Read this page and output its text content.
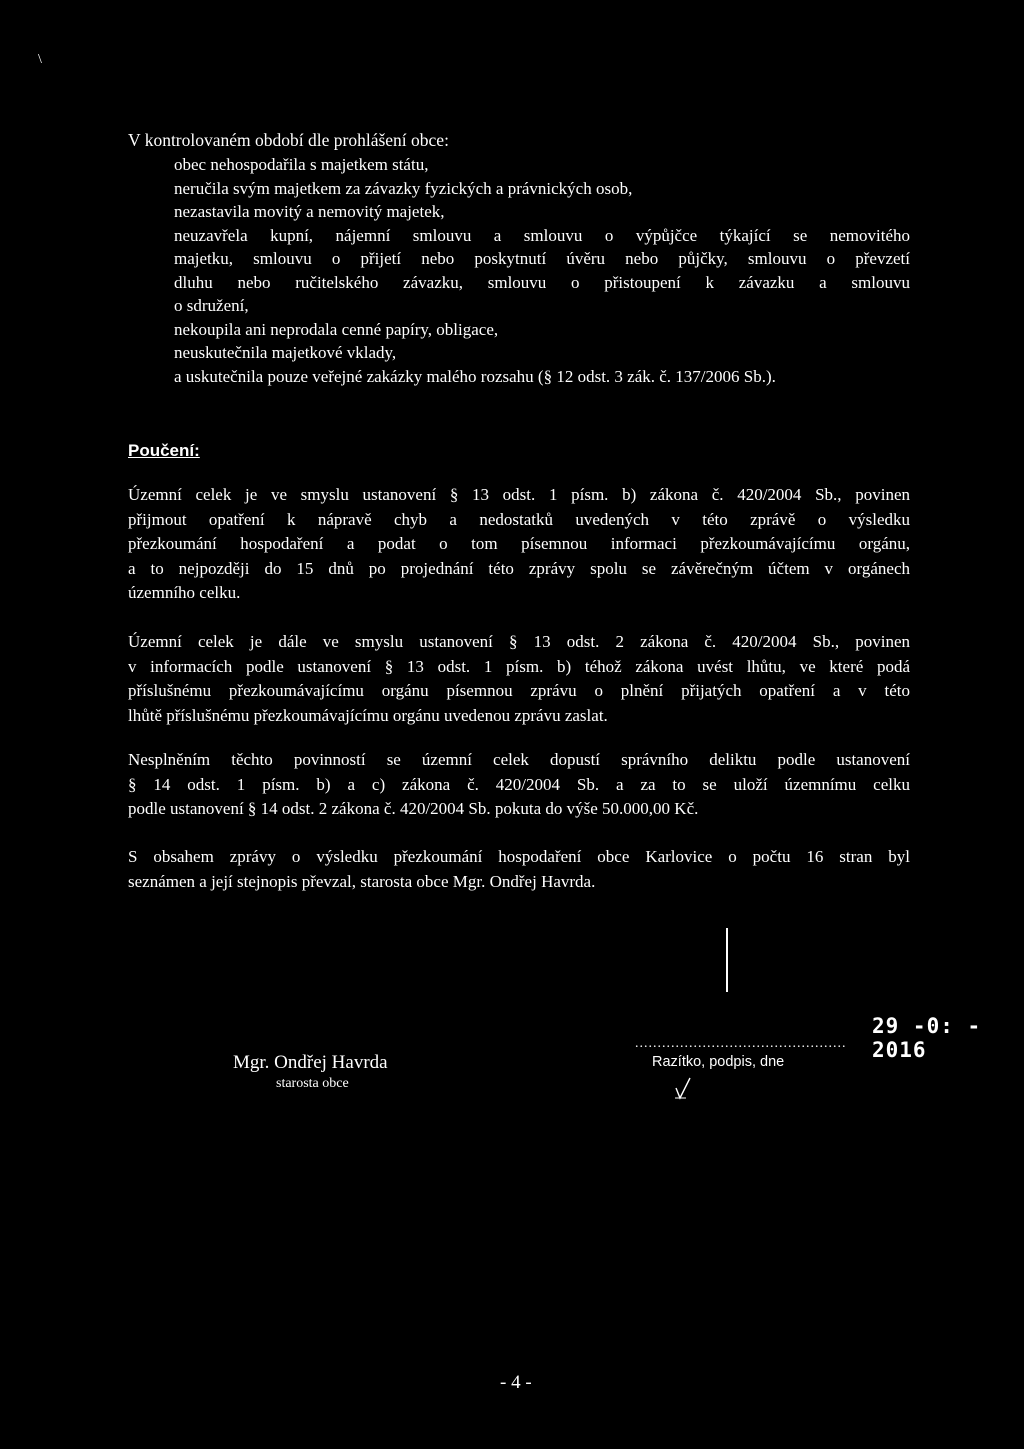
\
V kontrolovaném období dle prohlášení obce:
obec nehospodařila s majetkem státu,
neručila svým majetkem za závazky fyzických a právnických osob,
nezastavila movitý a nemovitý majetek,
neuzavřela kupní, nájemní smlouvu a smlouvu o výpůjčce týkající se nemovitého
majetku, smlouvu o přijetí nebo poskytnutí úvěru nebo půjčky, smlouvu o převzetí
dluhu nebo ručitelského závazku, smlouvu o přistoupení k závazku a smlouvu
o sdružení,
nekoupila ani neprodala cenné papíry, obligace,
neuskutečnila majetkové vklady,
a uskutečnila pouze veřejné zakázky malého rozsahu (§ 12 odst. 3 zák. č. 137/2006 Sb.).
Poučení:
Územní celek je ve smyslu ustanovení § 13 odst. 1 písm. b) zákona č. 420/2004 Sb., povinen
přijmout opatření k nápravě chyb a nedostatků uvedených v této zprávě o výsledku
přezkoumání hospodaření a podat o tom písemnou informaci přezkoumávajícímu orgánu,
a to nejpozději do 15 dnů po projednání této zprávy spolu se závěrečným účtem v orgánech
územního celku.
Územní celek je dále ve smyslu ustanovení § 13 odst. 2 zákona č. 420/2004 Sb., povinen
v informacích podle ustanovení § 13 odst. 1 písm. b) téhož zákona uvést lhůtu, ve které podá
příslušnému přezkoumávajícímu orgánu písemnou zprávu o plnění přijatých opatření a v této
lhůtě příslušnému přezkoumávajícímu orgánu uvedenou zprávu zaslat.
Nesplněním těchto povinností se územní celek dopustí správního deliktu podle ustanovení
§ 14 odst. 1 písm. b) a c) zákona č. 420/2004 Sb. a za to se uloží územnímu celku
podle ustanovení § 14 odst. 2 zákona č. 420/2004 Sb. pokuta do výše 50.000,00 Kč.
S obsahem zprávy o výsledku přezkoumání hospodaření obce Karlovice o počtu 16 stran byl
seznámen a její stejnopis převzal, starosta obce Mgr. Ondřej Havrda.
29 -0: - 2016
...............................................
Mgr. Ondřej Havrda
starosta obce
Razítko, podpis, dne
- 4 -
